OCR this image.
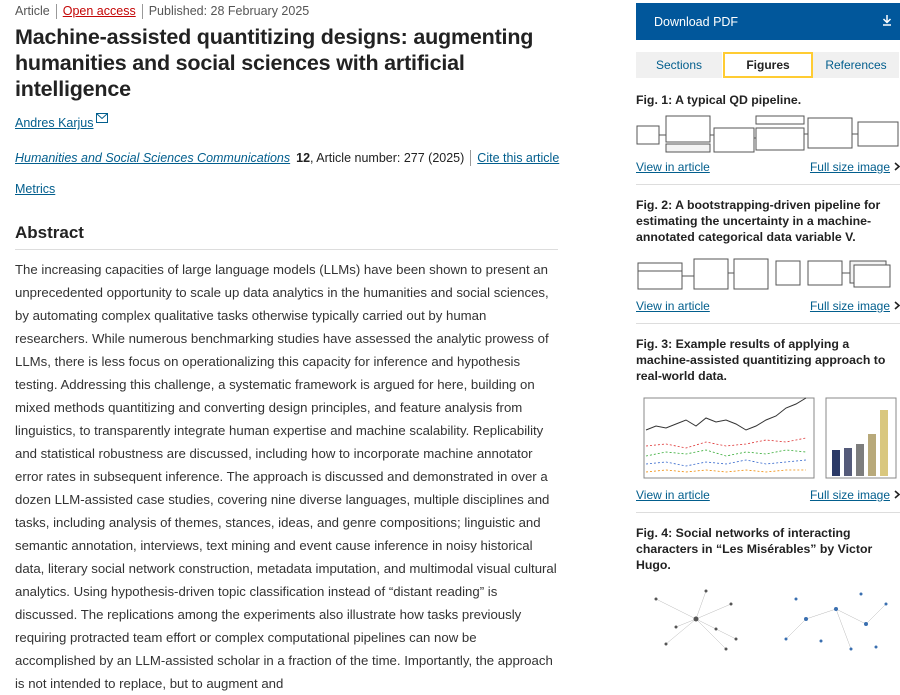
Article Open access Published: 28 February 2025
Machine-assisted quantitizing designs: augmenting humanities and social sciences with artificial intelligence
Andres Karjus
Humanities and Social Sciences Communications 12 , Article number: 277 (2025) Cite this article
Metrics
Abstract

The increasing capacities of large language models (LLMs) have been shown to present an unprecedented opportunity to scale up data analytics in the humanities and social sciences, by automating complex qualitative tasks otherwise typically carried out by human researchers. While numerous benchmarking studies have assessed the analytic prowess of LLMs, there is less focus on operationalizing this capacity for inference and hypothesis testing. Addressing this challenge, a systematic framework is argued for here, building on mixed methods quantitizing and converting design principles, and feature analysis from linguistics, to transparently integrate human expertise and machine scalability. Replicability and statistical robustness are discussed, including how to incorporate machine annotator error rates in subsequent inference. The approach is discussed and demonstrated in over a dozen LLM-assisted case studies, covering nine diverse languages, multiple disciplines and tasks, including analysis of themes, stances, ideas, and genre compositions; linguistic and semantic annotation, interviews, text mining and event cause inference in noisy historical data, literary social network construction, metadata imputation, and multimodal visual cultural analytics. Using hypothesis-driven topic classification instead of “distant reading” is discussed. The replications among the experiments also illustrate how tasks previously requiring protracted team effort or complex computational pipelines can now be accomplished by an LLM-assisted scholar in a fraction of the time. Importantly, the approach is not intended to replace, but to augment and

Download PDF
Sections	Figures	References
Fig. 1: A typical QD pipeline.
View in article	Full size image
Fig. 2: A bootstrapping-driven pipeline for estimating the uncertainty in a machine-annotated categorical data variable V.
View in article	Full size image
Fig. 3: Example results of applying a machine-assisted quantitizing approach to real-world data.
View in article	Full size image
Fig. 4: Social networks of interacting characters in “Les Misérables” by Victor Hugo.
